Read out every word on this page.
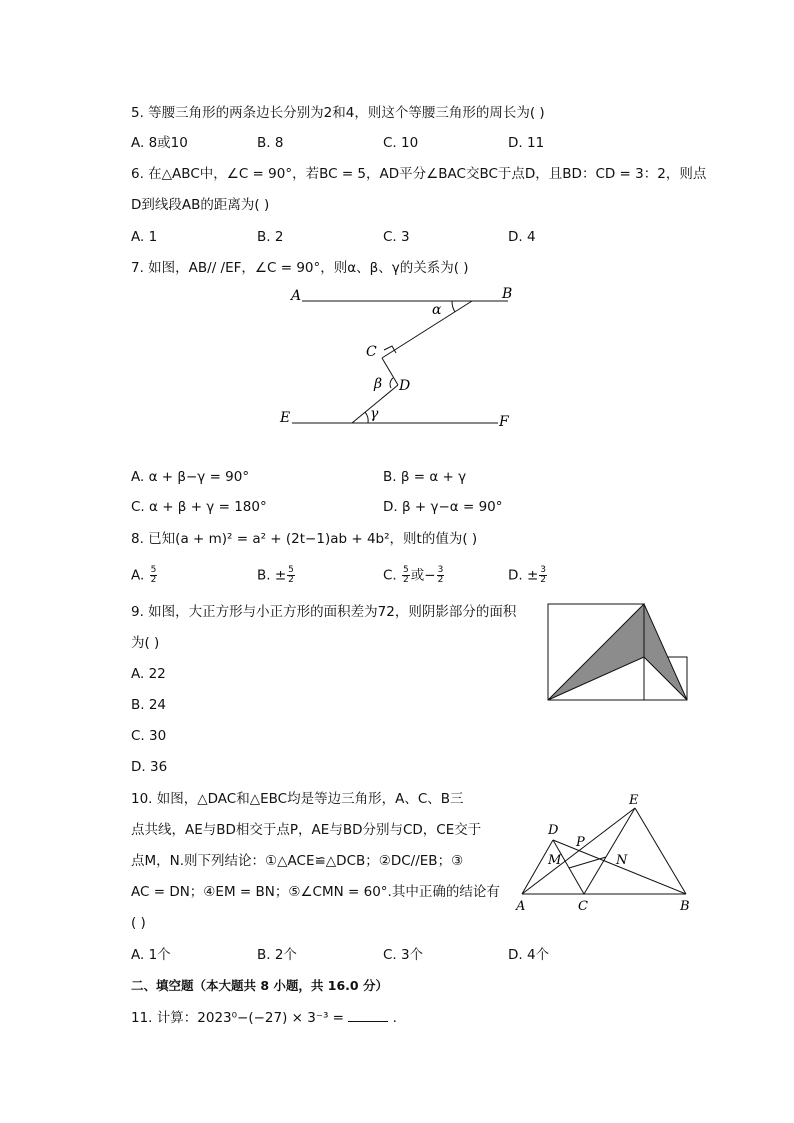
5. 等腰三角形的两条边长分别为2和4，则这个等腰三角形的周长为( )
A. 8或10	B. 8	C. 10	D. 11
6. 在△ABC中，∠C = 90°，若BC = 5，AD平分∠BAC交BC于点D，且BD：CD = 3：2，则点
D到线段AB的距离为( )
A. 1	B. 2	C. 3	D. 4
7. 如图，AB// /EF，∠C = 90°，则α、β、γ的关系为( )
A	B
C
D
E	F
α
β
γ
A. α + β−γ = 90°	B. β = α + γ
C. α + β + γ = 180°	D. β + γ−α = 90°
8. 已知(a + m)² = a² + (2t−1)ab + 4b²，则t的值为( )
A. $\frac{5}{2}$	B. ± $\frac{5}{2}$	C. $\frac{5}{2}$ 或− $\frac{3}{2}$	D. ± $\frac{3}{2}$
9. 如图，大正方形与小正方形的面积差为72，则阴影部分的面积
为( )
A. 22
B. 24
C. 30
D. 36
10. 如图，△DAC和△EBC均是等边三角形，A、C、B三
点共线，AE与BD相交于点P，AE与BD分别与CD，CE交于
点M，N.则下列结论：①△ACE≌△DCB；②DC//EB；③
AC = DN；④EM = BN；⑤∠CMN = 60°.其中正确的结论有
( )
A	C	B
D
E
P
M	N
A. 1个	B. 2个	C. 3个	D. 4个
二、填空题（本大题共 8 小题，共 16.0 分）
11. 计算：2023⁰−(−27) × 3⁻³ =	.
